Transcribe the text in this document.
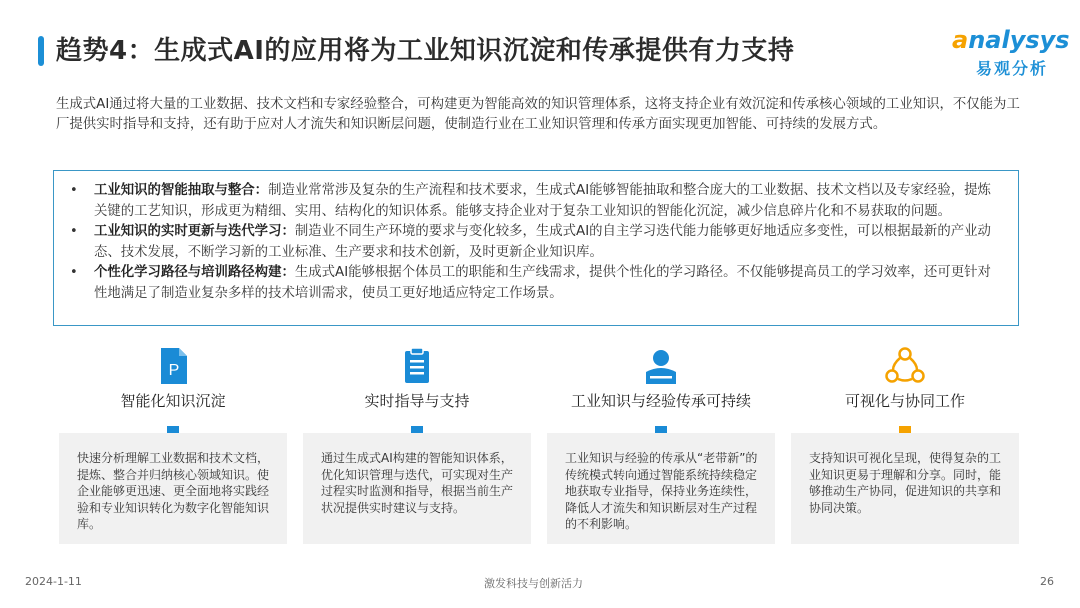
趋势4：生成式AI的应用将为工业知识沉淀和传承提供有力支持	analysys
易观分析

生成式AI通过将大量的工业数据、技术文档和专家经验整合，可构建更为智能高效的知识管理体系，这将支持企业有效沉淀和传承核心领域的工业知识，不仅能为工厂提供实时指导和支持，还有助于应对人才流失和知识断层问题，使制造行业在工业知识管理和传承方面实现更加智能、可持续的发展方式。

• 工业知识的智能抽取与整合：制造业常常涉及复杂的生产流程和技术要求，生成式AI能够智能抽取和整合庞大的工业数据、技术文档以及专家经验，提炼关键的工艺知识，形成更为精细、实用、结构化的知识体系。能够支持企业对于复杂工业知识的智能化沉淀，减少信息碎片化和不易获取的问题。
• 工业知识的实时更新与迭代学习：制造业不同生产环境的要求与变化较多，生成式AI的自主学习迭代能力能够更好地适应多变性，可以根据最新的产业动态、技术发展，不断学习新的工业标准、生产要求和技术创新，及时更新企业知识库。
• 个性化学习路径与培训路径构建：生成式AI能够根据个体员工的职能和生产线需求，提供个性化的学习路径。不仅能够提高员工的学习效率，还可更针对性地满足了制造业复杂多样的技术培训需求，使员工更好地适应特定工作场景。
P
智能化知识沉淀

快速分析理解工业数据和技术文档，提炼、整合并归纳核心领域知识。使企业能够更迅速、更全面地将实践经验和专业知识转化为数字化智能知识库。

实时指导与支持

通过生成式AI构建的智能知识体系，优化知识管理与迭代，可实现对生产过程实时监测和指导，根据当前生产状况提供实时建议与支持。

工业知识与经验传承可持续

工业知识与经验的传承从“老带新”的传统模式转向通过智能系统持续稳定地获取专业指导，保持业务连续性，降低人才流失和知识断层对生产过程的不利影响。

可视化与协同工作

支持知识可视化呈现，使得复杂的工业知识更易于理解和分享。同时，能够推动生产协同，促进知识的共享和协同决策。

2024-1-11	激发科技与创新活力	26
